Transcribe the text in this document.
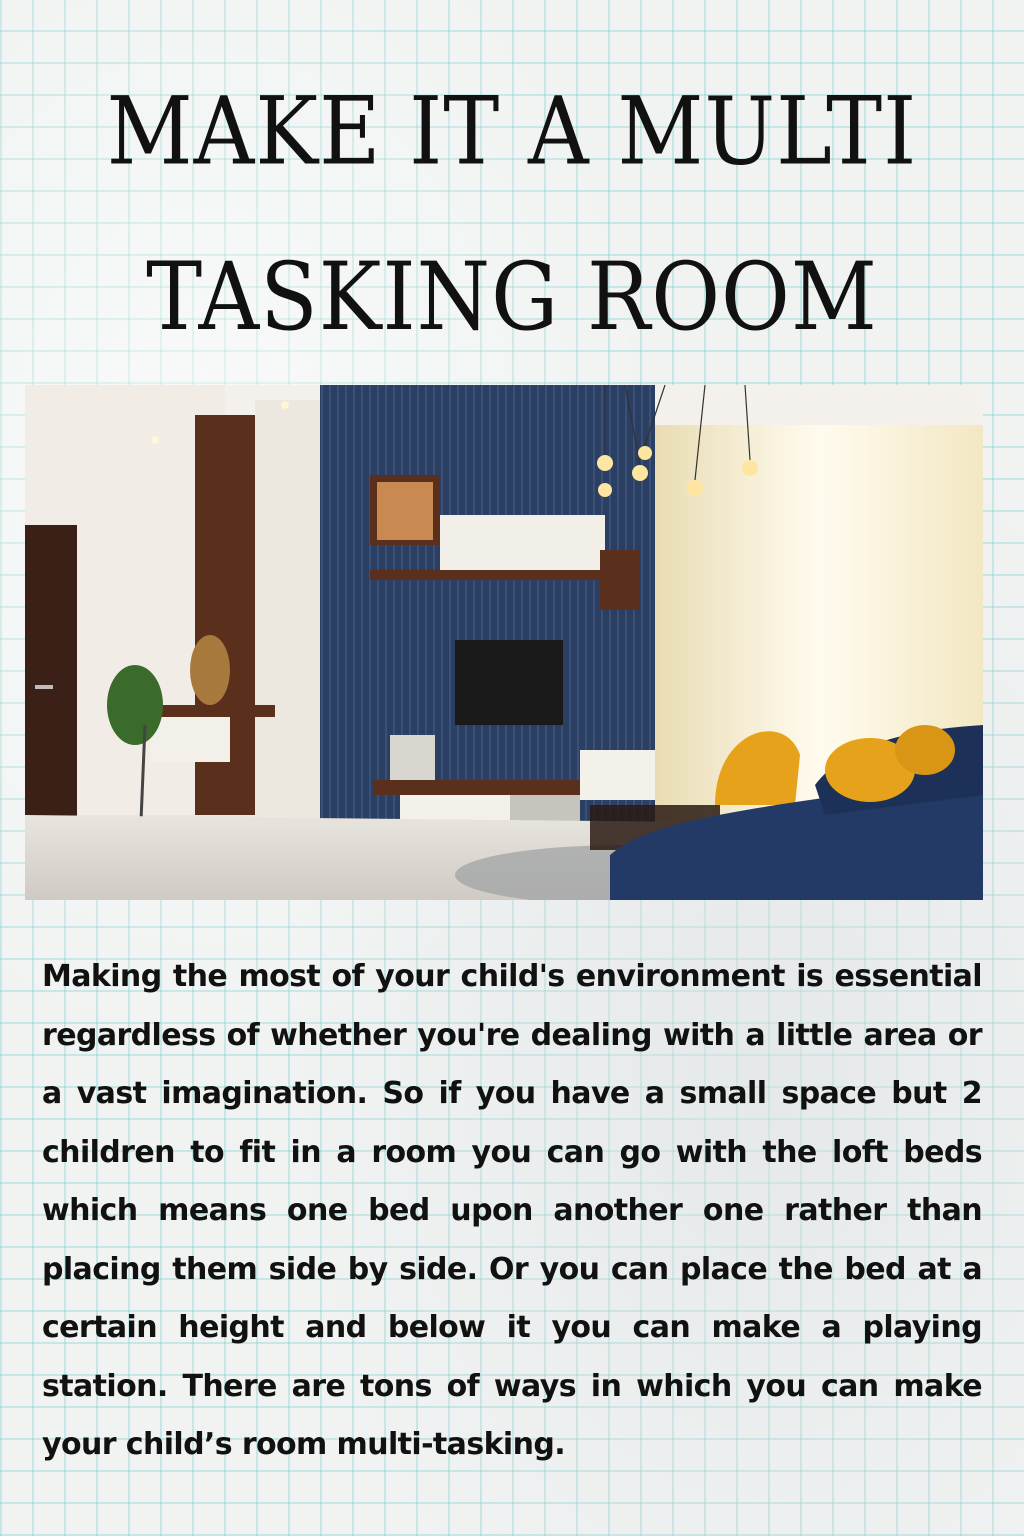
MAKE IT A MULTI TASKING ROOM

Making the most of your child's environment is essential regardless of whether you're dealing with a little area or a vast imagination. So if you have a small space but 2 children to fit in a room you can go with the loft beds which means one bed upon another one rather than placing them side by side. Or you can place the bed at a certain height and below it you can make a playing station. There are tons of ways in which you can make your child’s room multi-tasking.
